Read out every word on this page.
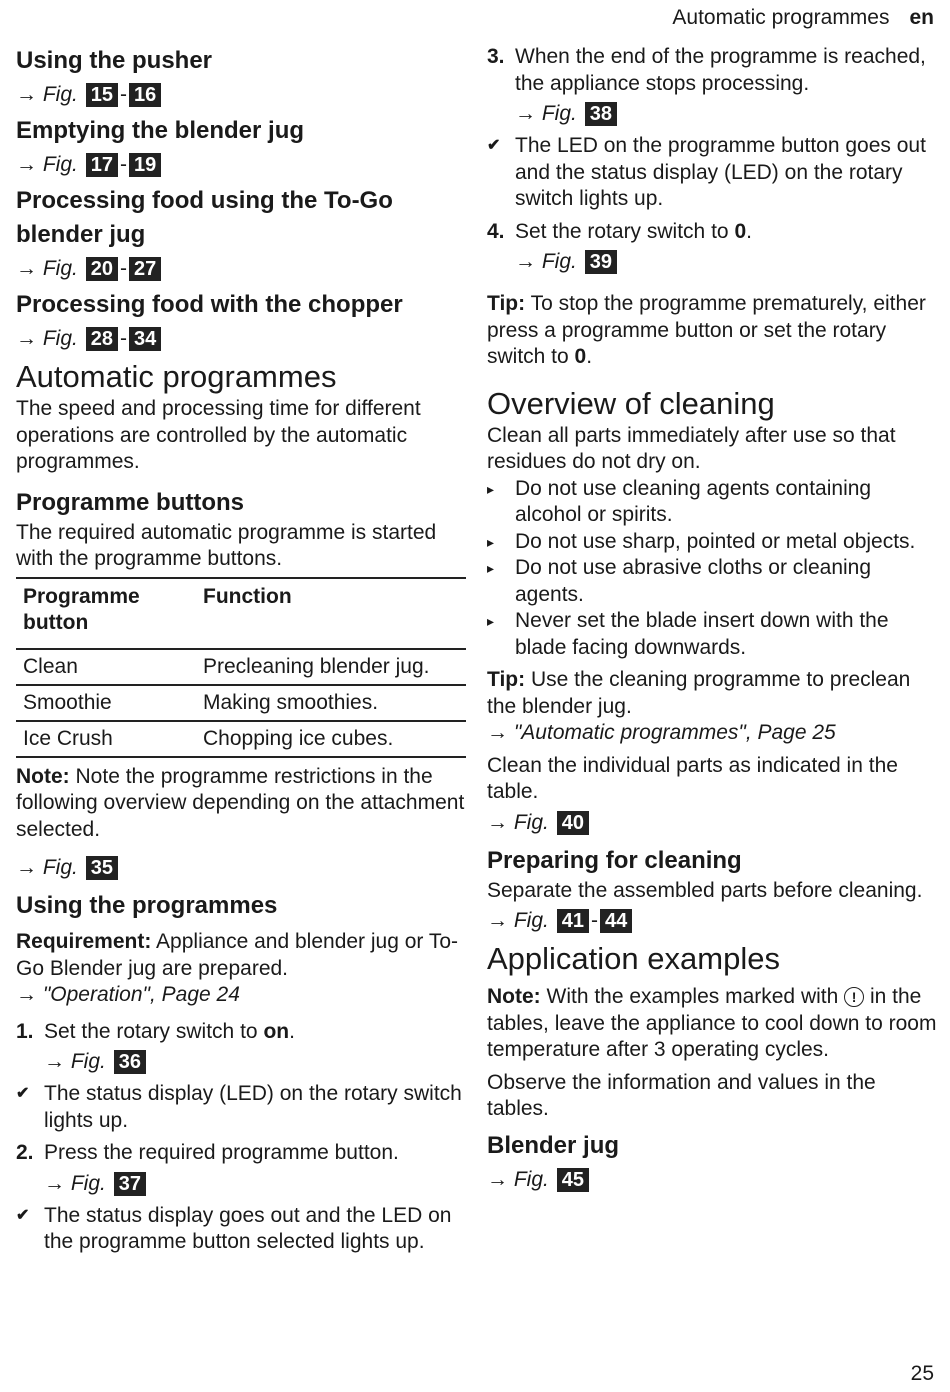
Automatic programmes en
Using the pusher
→ Fig. 15 - 16
Emptying the blender jug
→ Fig. 17 - 19
Processing food using the To-Go blender jug
→ Fig. 20 - 27
Processing food with the chopper
→ Fig. 28 - 34
Automatic programmes

The speed and processing time for different operations are controlled by the automatic programmes.

Programme buttons

The required automatic programme is started with the programme buttons.

Programme button	Function
Clean	Precleaning blender jug.
Smoothie	Making smoothies.
Ice Crush	Chopping ice cubes.

Note: Note the programme restrictions in the following overview depending on the attachment selected.

→ Fig. 35
Using the programmes

Requirement: Appliance and blender jug or To-Go Blender jug are prepared.

→ "Operation", Page 24

1. Set the rotary switch to on.
→ Fig. 36
✔ The status display (LED) on the rotary switch lights up.
2. Press the required programme button.
→ Fig. 37
✔ The status display goes out and the LED on the programme button selected lights up.
3. When the end of the programme is reached, the appliance stops processing.
→ Fig. 38
✔ The LED on the programme button goes out and the status display (LED) on the rotary switch lights up.
4. Set the rotary switch to 0.
→ Fig. 39

Tip: To stop the programme prematurely, either press a programme button or set the rotary switch to 0.

Overview of cleaning

Clean all parts immediately after use so that residues do not dry on.

▸ Do not use cleaning agents containing alcohol or spirits.
▸ Do not use sharp, pointed or metal objects.
▸ Do not use abrasive cloths or cleaning agents.
▸ Never set the blade insert down with the blade facing downwards.

Tip: Use the cleaning programme to preclean the blender jug.

→ "Automatic programmes", Page 25

Clean the individual parts as indicated in the table.

→ Fig. 40
Preparing for cleaning

Separate the assembled parts before cleaning.

→ Fig. 41 - 44
Application examples

Note: With the examples marked with ! in the tables, leave the appliance to cool down to room temperature after 3 operating cycles.

Observe the information and values in the tables.

Blender jug
→ Fig. 45
25
